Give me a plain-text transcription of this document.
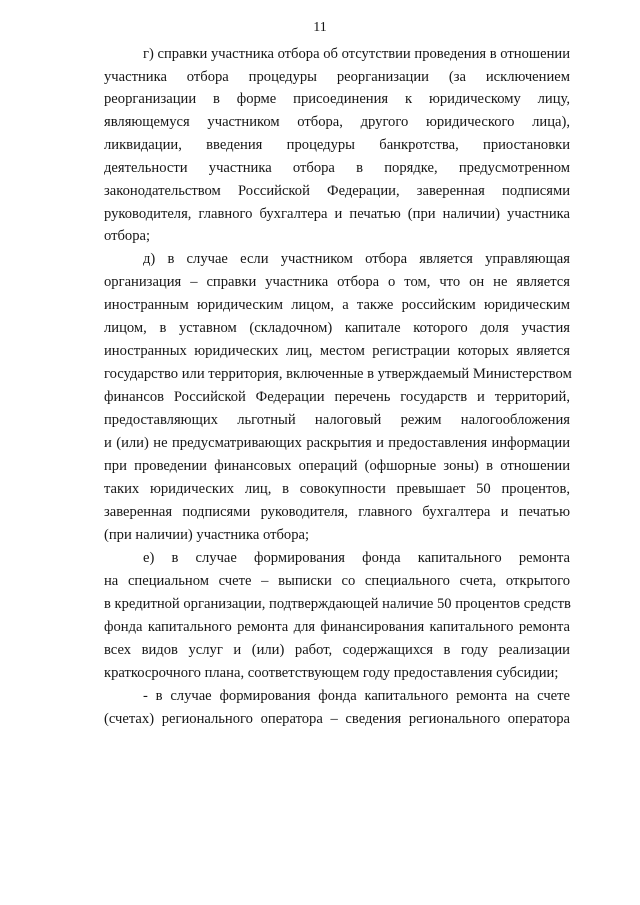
11
г) справки участника отбора об отсутствии проведения в отношении
участника отбора процедуры реорганизации (за исключением
реорганизации в форме присоединения к юридическому лицу,
являющемуся участником отбора, другого юридического лица),
ликвидации, введения процедуры банкротства, приостановки
деятельности участника отбора в порядке, предусмотренном
законодательством Российской Федерации, заверенная подписями
руководителя, главного бухгалтера и печатью (при наличии) участника
отбора;
д) в случае если участником отбора является управляющая
организация – справки участника отбора о том, что он не является
иностранным юридическим лицом, а также российским юридическим
лицом, в уставном (складочном) капитале которого доля участия
иностранных юридических лиц, местом регистрации которых является
государство или территория, включенные в утверждаемый Министерством
финансов Российской Федерации перечень государств и территорий,
предоставляющих льготный налоговый режим налогообложения
и (или) не предусматривающих раскрытия и предоставления информации
при проведении финансовых операций (офшорные зоны) в отношении
таких юридических лиц, в совокупности превышает 50 процентов,
заверенная подписями руководителя, главного бухгалтера и печатью
(при наличии) участника отбора;
е) в случае формирования фонда капитального ремонта
на специальном счете – выписки со специального счета, открытого
в кредитной организации, подтверждающей наличие 50 процентов средств
фонда капитального ремонта для финансирования капитального ремонта
всех видов услуг и (или) работ, содержащихся в году реализации
краткосрочного плана, соответствующем году предоставления субсидии;
- в случае формирования фонда капитального ремонта на счете
(счетах) регионального оператора – сведения регионального оператора
